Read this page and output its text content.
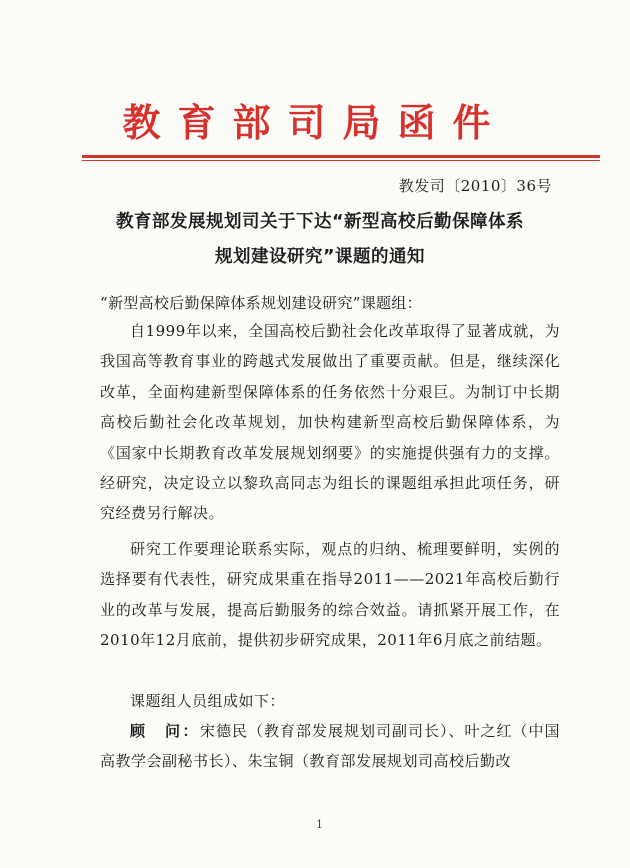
教育部司局函件
教发司〔2010〕36号
教育部发展规划司关于下达“新型高校后勤保障体系
规划建设研究”课题的通知
“新型高校后勤保障体系规划建设研究”课题组：
自1999年以来，全国高校后勤社会化改革取得了显著成就，为我国高等教育事业的跨越式发展做出了重要贡献。但是，继续深化改革，全面构建新型保障体系的任务依然十分艰巨。为制订中长期高校后勤社会化改革规划，加快构建新型高校后勤保障体系，为《国家中长期教育改革发展规划纲要》的实施提供强有力的支撑。经研究，决定设立以黎玖高同志为组长的课题组承担此项任务，研究经费另行解决。
研究工作要理论联系实际，观点的归纳、梳理要鲜明，实例的选择要有代表性，研究成果重在指导2011——2021年高校后勤行业的改革与发展，提高后勤服务的综合效益。请抓紧开展工作，在2010年12月底前，提供初步研究成果，2011年6月底之前结题。
课题组人员组成如下：
顾　问：宋德民（教育部发展规划司副司长）、叶之红（中国高教学会副秘书长）、朱宝铜（教育部发展规划司高校后勤改
1
